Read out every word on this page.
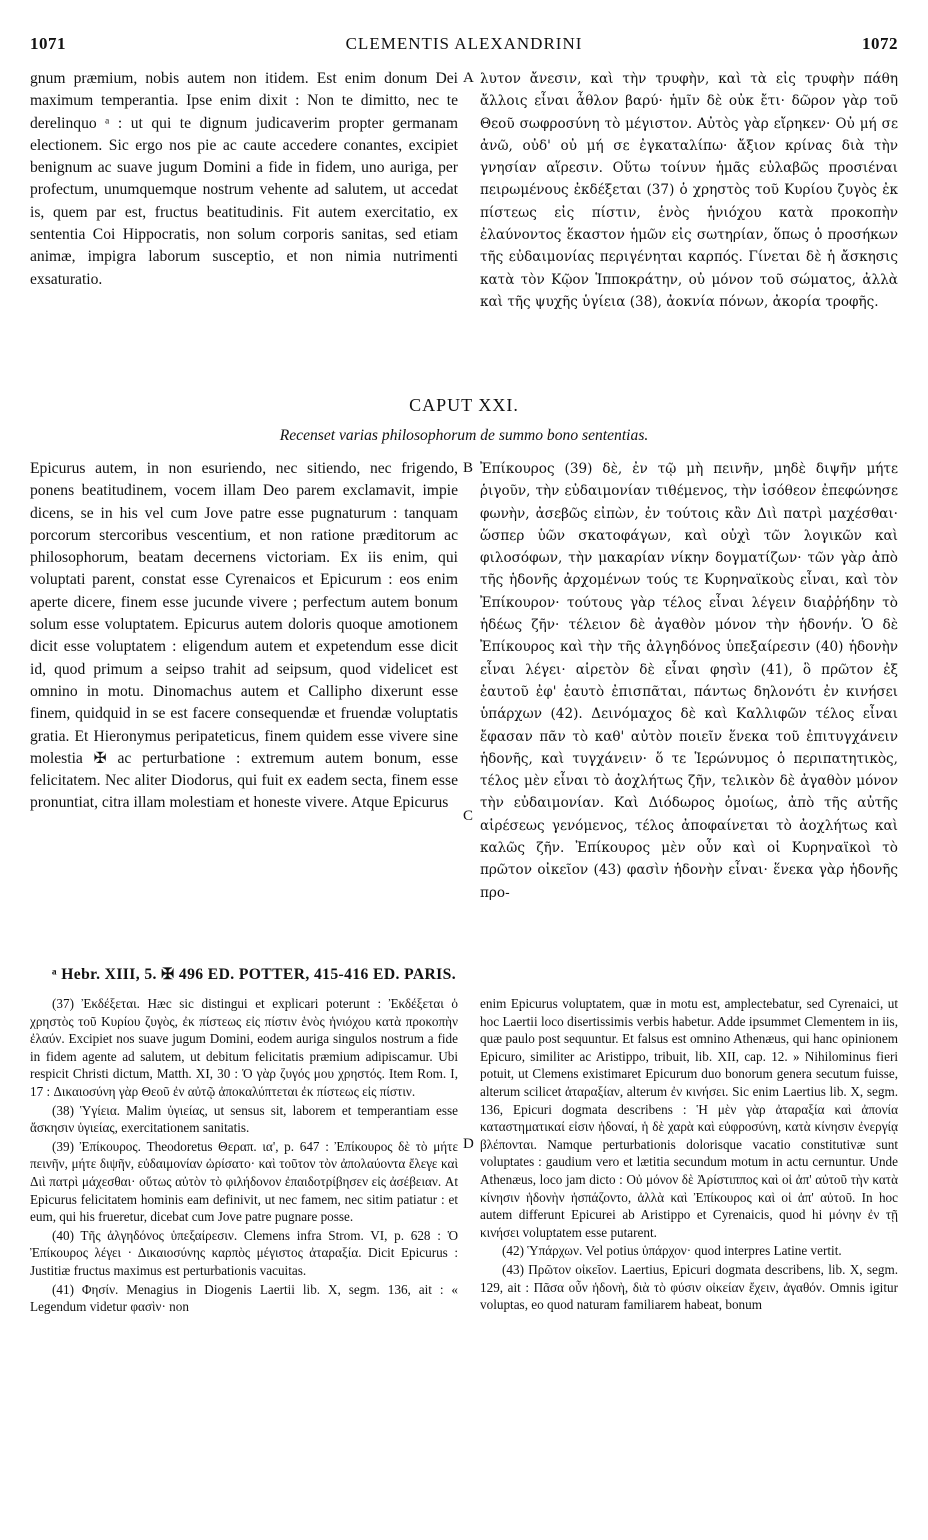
1071	CLEMENTIS ALEXANDRINI	1072

gnum præmium, nobis autem non itidem. Est enim donum Dei maximum temperantia. Ipse enim dixit : Non te dimitto, nec te derelinquo ᵃ : ut qui te dignum judicaverim propter germanam electionem. Sic ergo nos pie ac caute accedere conantes, excipiet benignum ac suave jugum Domini a fide in fidem, uno auriga, per profectum, unumquemque nostrum vehente ad salutem, ut accedat is, quem par est, fructus beatitudinis. Fit autem exercitatio, ex sententia Coi Hippocratis, non solum corporis sanitas, sed etiam animæ, impigra laborum susceptio, et non nimia nutrimenti exsaturatio.

A λυτον ἄνεσιν, καὶ τὴν τρυφὴν, καὶ τὰ εἰς τρυφὴν πάθη ἄλλοις εἶναι ἆθλον βαρύ· ἡμῖν δὲ οὐκ ἔτι· δῶρον γὰρ τοῦ Θεοῦ σωφροσύνη τὸ μέγιστον. Αὐτὸς γὰρ εἴρηκεν· Οὐ μή σε ἀνῶ, οὐδ' οὐ μή σε ἐγκαταλίπω· ἄξιον κρίνας διὰ τὴν γνησίαν αἵρεσιν. Οὕτω τοίνυν ἡμᾶς εὐλαβῶς προσιέναι πειρωμένους ἐκδέξεται (37) ὁ χρηστὸς τοῦ Κυρίου ζυγὸς ἐκ πίστεως εἰς πίστιν, ἑνὸς ἡνιόχου κατὰ προκοπὴν ἐλαύνοντος ἕκαστον ἡμῶν εἰς σωτηρίαν, ὅπως ὁ προσήκων τῆς εὐδαιμονίας περιγένηται καρπός. Γίνεται δὲ ἡ ἄσκησις κατὰ τὸν Κῷον Ἱπποκράτην, οὐ μόνον τοῦ σώματος, ἀλλὰ καὶ τῆς ψυχῆς ὑγίεια (38), ἀοκνία πόνων, ἀκορία τροφῆς.

CAPUT XXI.
Recenset varias philosophorum de summo bono sententias.

Epicurus autem, in non esuriendo, nec sitiendo, nec frigendo, ponens beatitudinem, vocem illam Deo parem exclamavit, impie dicens, se in his vel cum Jove patre esse pugnaturum : tanquam porcorum stercoribus vescentium, et non ratione præditorum ac philosophorum, beatam decernens victoriam. Ex iis enim, qui voluptati parent, constat esse Cyrenaicos et Epicurum : eos enim aperte dicere, finem esse jucunde vivere ; perfectum autem bonum solum esse voluptatem. Epicurus autem doloris quoque amotionem dicit esse voluptatem : eligendum autem et expetendum esse dicit id, quod primum a seipso trahit ad seipsum, quod videlicet est omnino in motu. Dinomachus autem et Calliphо dixerunt esse finem, quidquid in se est facere consequendæ et fruendæ voluptatis gratia. Et Hieronymus peripateticus, finem quidem esse vivere sine molestia ✠ ac perturbatione : extremum autem bonum, esse felicitatem. Nec aliter Diodorus, qui fuit ex eadem secta, finem esse pronuntiat, citra illam molestiam et honeste vivere. Atque Epicurus

B
C

Ἐπίκουρος (39) δὲ, ἐν τῷ μὴ πεινῆν, μηδὲ διψῆν μήτε ῥιγοῦν, τὴν εὐδαιμονίαν τιθέμενος, τὴν ἰσόθεον ἐπεφώνησε φωνὴν, ἀσεβῶς εἰπὼν, ἐν τούτοις κἂν Διὶ πατρὶ μαχέσθαι· ὥσπερ ὑῶν σκατοφάγων, καὶ οὐχὶ τῶν λογικῶν καὶ φιλοσόφων, τὴν μακαρίαν νίκην δογματίζων· τῶν γὰρ ἀπὸ τῆς ἡδονῆς ἀρχομένων τούς τε Κυρηναϊκοὺς εἶναι, καὶ τὸν Ἐπίκουρον· τούτους γὰρ τέλος εἶναι λέγειν διαῤῥήδην τὸ ἡδέως ζῆν· τέλειον δὲ ἀγαθὸν μόνον τὴν ἡδονήν. Ὁ δὲ Ἐπίκουρος καὶ τὴν τῆς ἀλγηδόνος ὑπεξαίρεσιν (40) ἡδονὴν εἶναι λέγει· αἱρετὸν δὲ εἶναι φησὶν (41), ὃ πρῶτον ἐξ ἑαυτοῦ ἐφ' ἑαυτὸ ἐπισπᾶται, πάντως δηλονότι ἐν κινήσει ὑπάρχων (42). Δεινόμαχος δὲ καὶ Καλλιφῶν τέλος εἶναι ἔφασαν πᾶν τὸ καθ' αὐτὸν ποιεῖν ἕνεκα τοῦ ἐπιτυγχάνειν ἡδονῆς, καὶ τυγχάνειν· ὅ τε Ἱερώνυμος ὁ περιπατητικὸς, τέλος μὲν εἶναι τὸ ἀοχλήτως ζῆν, τελικὸν δὲ ἀγαθὸν μόνον τὴν εὐδαιμονίαν. Καὶ Διόδωρος ὁμοίως, ἀπὸ τῆς αὐτῆς αἱρέσεως γενόμενος, τέλος ἀποφαίνεται τὸ ἀοχλήτως καὶ καλῶς ζῆν. Ἐπίκουρος μὲν οὖν καὶ οἱ Κυρηναϊκοὶ τὸ πρῶτον οἰκεῖον (43) φασὶν ἡδονὴν εἶναι· ἕνεκα γὰρ ἡδονῆς προ-

ᵃ Hebr. XIII, 5. ✠ 496 ED. POTTER, 415-416 ED. PARIS.

(37) Ἐκδέξεται. Hæc sic distingui et explicari poterunt : Ἐκδέξεται ὁ χρηστὸς τοῦ Κυρίου ζυγὸς, ἐκ πίστεως εἰς πίστιν ἑνὸς ἡνιόχου κατὰ προκοπὴν ἐλαύν. Excipiet nos suave jugum Domini, eodem auriga singulos nostrum a fide in fidem agente ad salutem, ut debitum felicitatis præmium adipiscamur. Ubi respicit Christi dictum, Matth. XI, 30 : Ὁ γὰρ ζυγός μου χρηστός. Item Rom. I, 17 : Δικαιοσύνη γὰρ Θεοῦ ἐν αὐτῷ ἀποκαλύπτεται ἐκ πίστεως εἰς πίστιν.

(38) Ὑγίεια. Malim ὑγιείας, ut sensus sit, laborem et temperantiam esse ἄσκησιν ὑγιείας, exercitationem sanitatis.

(39) Ἐπίκουρος. Theodoretus Θεραπ. ια', p. 647 : Ἐπίκουρος δὲ τὸ μήτε πεινῆν, μήτε διψῆν, εὐδαιμονίαν ὡρίσατο· καὶ τοῦτον τὸν ἀπολαύοντα ἔλεγε καὶ Διὶ πατρὶ μάχεσθαι· οὕτως αὐτὸν τὸ φιλήδονον ἐπαιδοτρίβησεν εἰς ἀσέβειαν. At Epicurus felicitatem hominis eam definivit, ut nec famem, nec sitim patiatur : et eum, qui his frueretur, dicebat cum Jove patre pugnare posse.

(40) Τῆς ἀλγηδόνος ὑπεξαίρεσιν. Clemens infra Strom. VI, p. 628 : Ὁ Ἐπίκουρος λέγει · Δικαιοσύνης καρπὸς μέγιστος ἀταραξία. Dicit Epicurus : Justitiæ fructus maximus est perturbationis vacuitas.

(41) Φησίν. Menagius in Diogenis Laertii lib. X, segm. 136, ait : « Legendum videtur φασὶν· non

D

enim Epicurus voluptatem, quæ in motu est, amplectebatur, sed Cyrenaici, ut hoc Laertii loco disertissimis verbis habetur. Adde ipsummet Clementem in iis, quæ paulo post sequuntur. Et falsus est omnino Athenæus, qui hanc opinionem Epicuro, similiter ac Aristippo, tribuit, lib. XII, cap. 12. » Nihilominus fieri potuit, ut Clemens existimaret Epicurum duo bonorum genera secutum fuisse, alterum scilicet ἀταραξίαν, alterum ἐν κινήσει. Sic enim Laertius lib. X, segm. 136, Epicuri dogmata describens : Ἡ μὲν γὰρ ἀταραξία καὶ ἀπονία καταστηματικαί εἰσιν ἡδοναί, ἡ δὲ χαρὰ καὶ εὐφροσύνη, κατὰ κίνησιν ἐνεργίᾳ βλέπονται. Namque perturbationis dolorisque vacatio constitutivæ sunt voluptates : gaudium vero et lætitia secundum motum in actu cernuntur. Unde Athenæus, loco jam dicto : Οὐ μόνον δὲ Ἀρίστιππος καὶ οἱ ἀπ' αὐτοῦ τὴν κατὰ κίνησιν ἡδονὴν ἠσπάζοντο, ἀλλὰ καὶ Ἐπίκουρος καὶ οἱ ἀπ' αὐτοῦ. In hoc autem differunt Epicurei ab Aristippo et Cyrenaicis, quod hi μόνην ἐν τῇ κινήσει voluptatem esse putarent.

(42) Ὑπάρχων. Vel potius ὑπάρχον· quod interpres Latine vertit.

(43) Πρῶτον οἰκεῖον. Laertius, Epicuri dogmata describens, lib. X, segm. 129, ait : Πᾶσα οὖν ἡδονὴ, διὰ τὸ φύσιν οἰκείαν ἔχειν, ἀγαθόν. Omnis igitur voluptas, eo quod naturam familiarem habeat, bonum
